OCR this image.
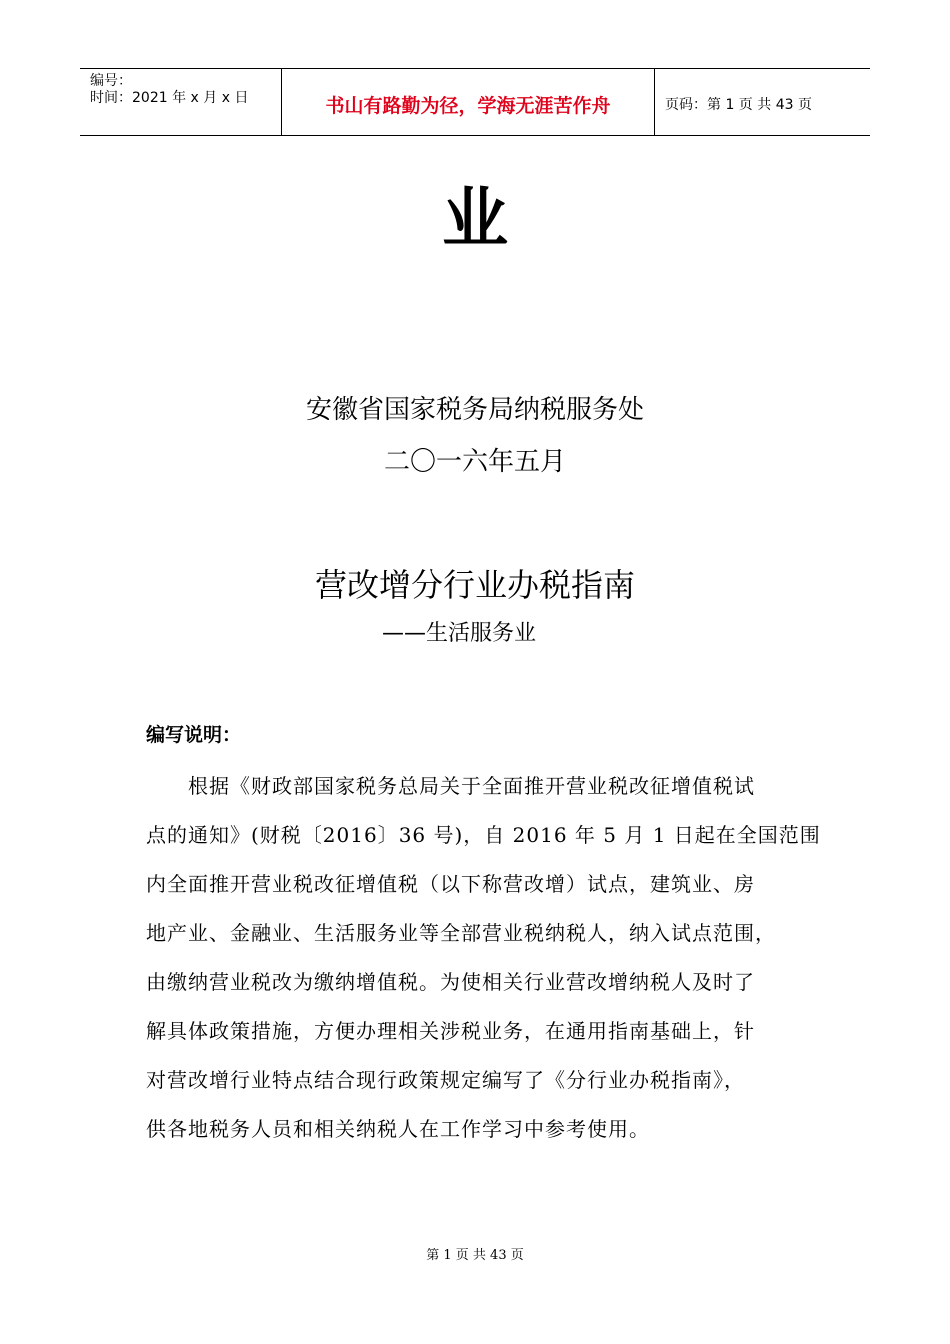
编号：
时间：2021 年 x 月 x 日	书山有路勤为径，学海无涯苦作舟	页码：第 1 页 共 43 页
业
安徽省国家税务局纳税服务处
二〇一六年五月
营改增分行业办税指南
——生活服务业
编写说明：
　　根据《财政部国家税务总局关于全面推开营业税改征增值税试
点的通知》(财税〔2016〕36 号)，自 2016 年 5 月 1 日起在全国范围
内全面推开营业税改征增值税（以下称营改增）试点，建筑业、房
地产业、金融业、生活服务业等全部营业税纳税人，纳入试点范围，
由缴纳营业税改为缴纳增值税。为使相关行业营改增纳税人及时了
解具体政策措施，方便办理相关涉税业务，在通用指南基础上，针
对营改增行业特点结合现行政策规定编写了《分行业办税指南》，
供各地税务人员和相关纳税人在工作学习中参考使用。
第 1 页 共 43 页
